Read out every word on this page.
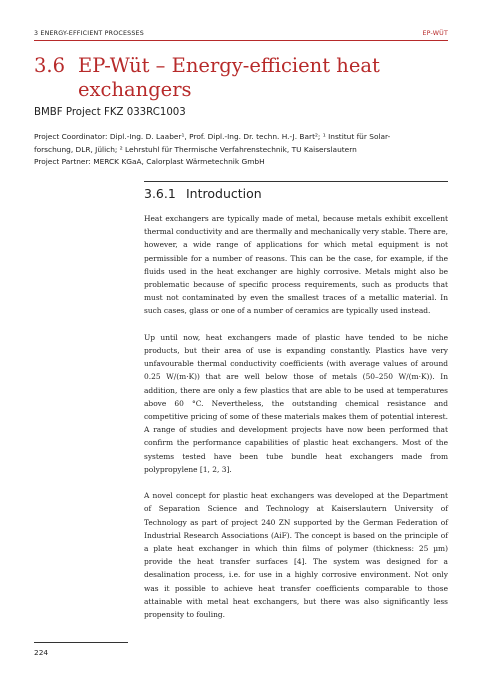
3 ENERGY-EFFICIENT PROCESSES	EP-WÜT
3.6 EP-Wüt – Energy-efficient heat exchangers
BMBF Project FKZ 033RC1003

Project Coordinator: Dipl.-Ing. D. Laaber¹, Prof. Dipl.-Ing. Dr. techn. H.-J. Bart²; ¹ Institut für Solar-

forschung, DLR, Jülich; ² Lehrstuhl für Thermische Verfahrenstechnik, TU Kaiserslautern

Project Partner: MERCK KGaA, Calorplast Wärmetechnik GmbH

3.6.1 Introduction

Heat exchangers are typically made of metal, because metals exhibit excellent thermal conductivity and are thermally and mechanically very stable. There are, however, a wide range of applications for which metal equipment is not permissible for a number of reasons. This can be the case, for example, if the fluids used in the heat exchanger are highly corrosive. Metals might also be problematic because of specific process requirements, such as products that must not contaminated by even the smallest traces of a metallic material. In such cases, glass or one of a number of ceramics are typically used instead.

Up until now, heat exchangers made of plastic have tended to be niche products, but their area of use is expanding constantly. Plastics have very unfavourable thermal conductivity coefficients (with average values of around 0.25 W/(m·K)) that are well below those of metals (50–250 W/(m·K)). In addition, there are only a few plastics that are able to be used at temperatures above 60 °C. Nevertheless, the outstanding chemical resistance and competitive pricing of some of these materials makes them of potential interest. A range of studies and development projects have now been performed that confirm the performance capabilities of plastic heat exchangers. Most of the systems tested have been tube bundle heat exchangers made from polypropylene [1, 2, 3].

A novel concept for plastic heat exchangers was developed at the Department of Separation Science and Technology at Kaiserslautern University of Technology as part of project 240 ZN supported by the German Federation of Industrial Research Associations (AiF). The concept is based on the principle of a plate heat exchanger in which thin films of polymer (thickness: 25 µm) provide the heat transfer surfaces [4]. The system was designed for a desalination process, i.e. for use in a highly corrosive environment. Not only was it possible to achieve heat transfer coefficients comparable to those attainable with metal heat exchangers, but there was also significantly less propensity to fouling.

224
